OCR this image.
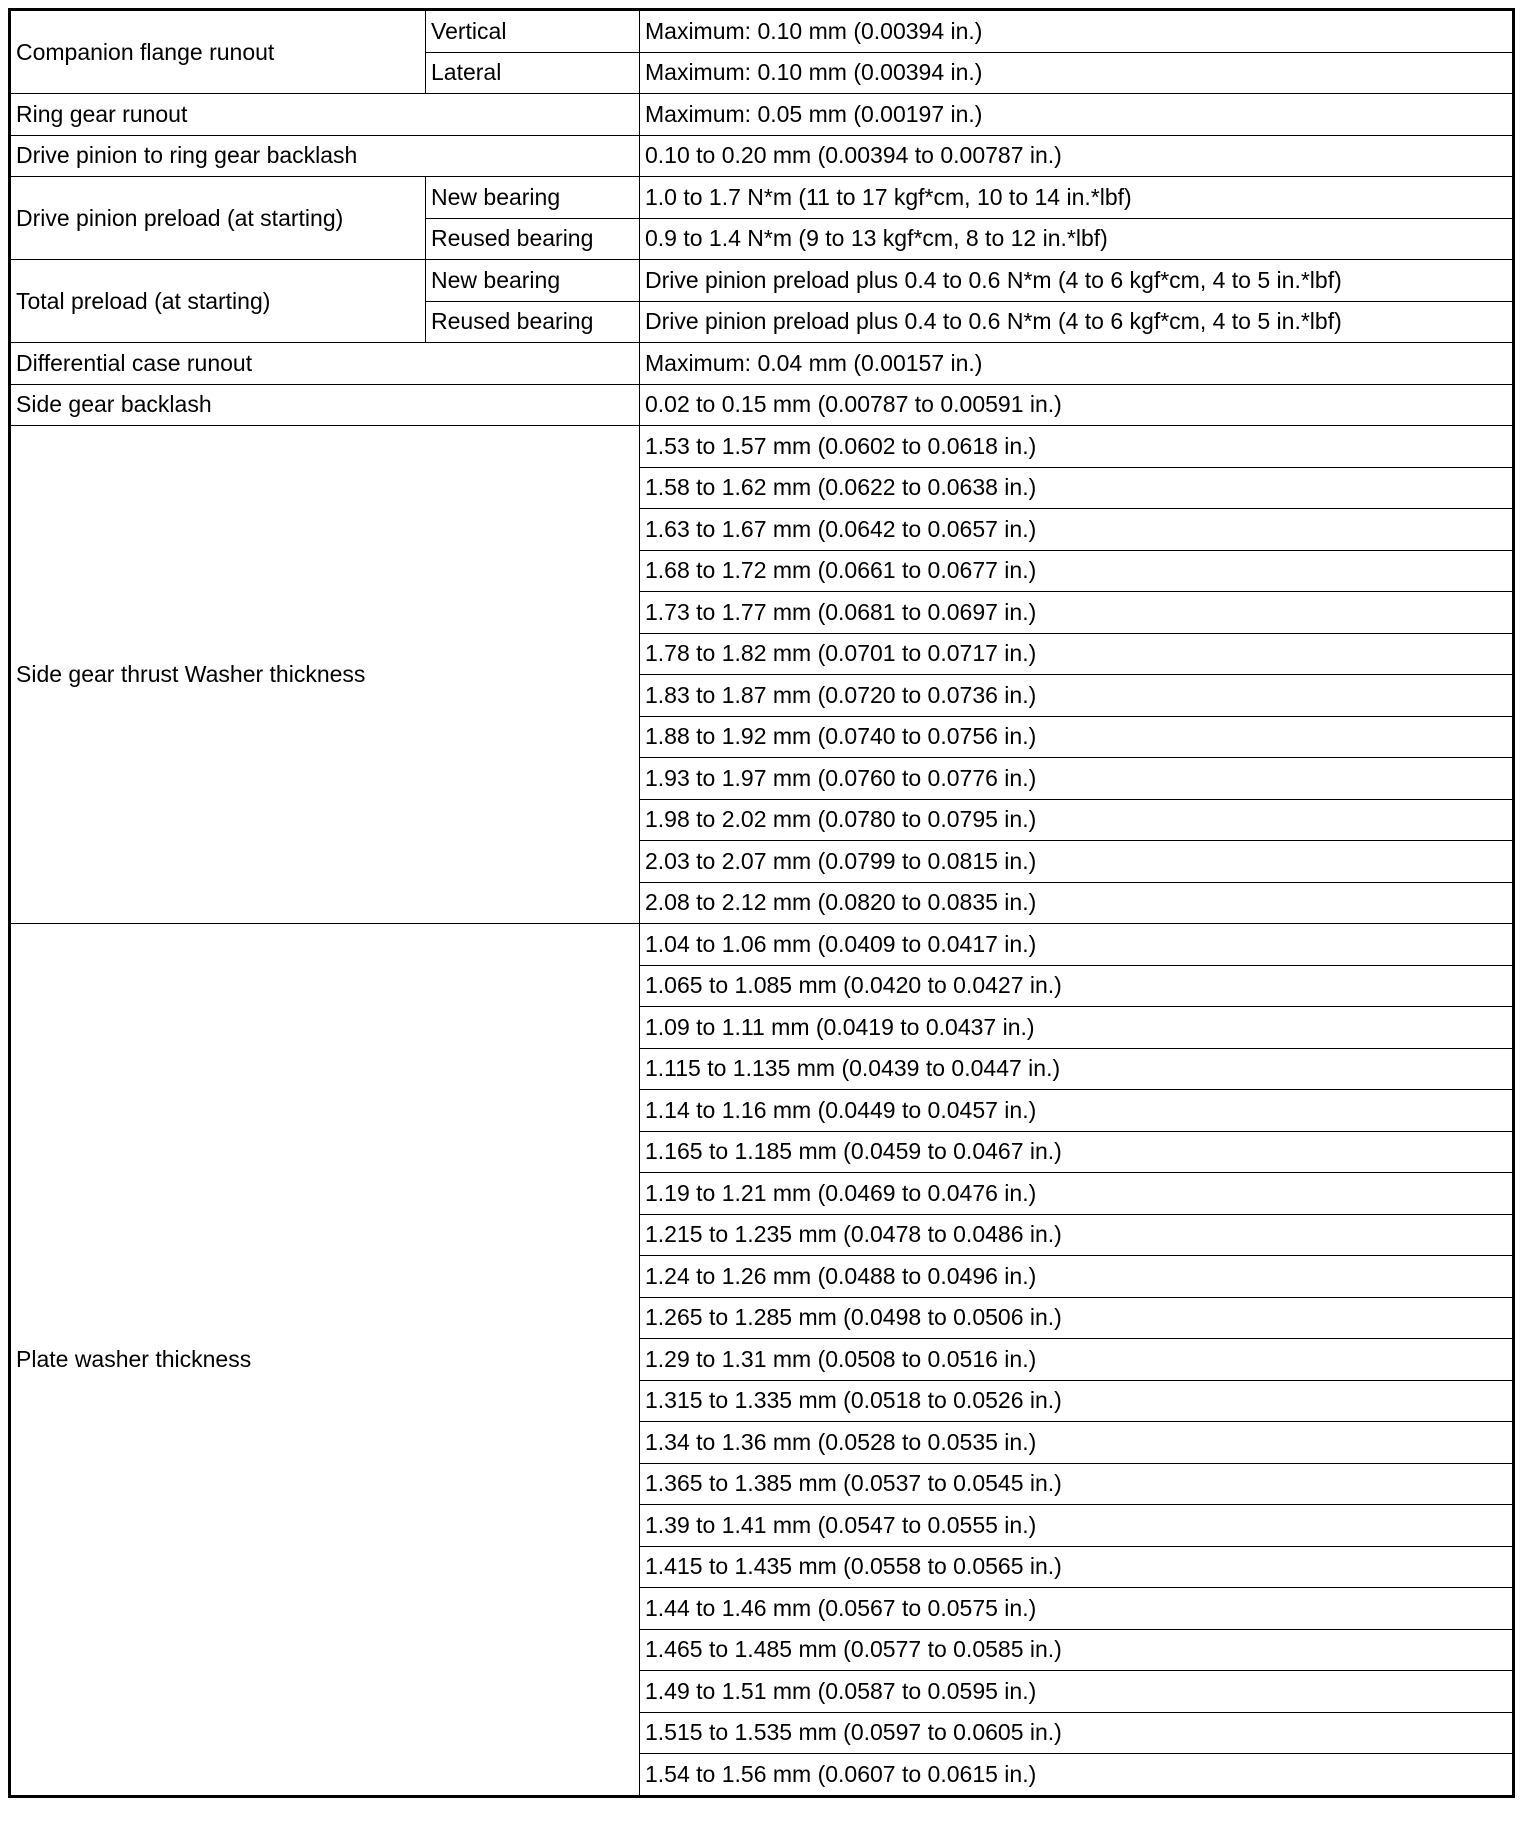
Companion flange runout	Vertical	Maximum: 0.10 mm (0.00394 in.)
	Lateral	Maximum: 0.10 mm (0.00394 in.)
Ring gear runout		Maximum: 0.05 mm (0.00197 in.)
Drive pinion to ring gear backlash		0.10 to 0.20 mm (0.00394 to 0.00787 in.)
Drive pinion preload (at starting)	New bearing	1.0 to 1.7 N*m (11 to 17 kgf*cm, 10 to 14 in.*lbf)
	Reused bearing	0.9 to 1.4 N*m (9 to 13 kgf*cm, 8 to 12 in.*lbf)
Total preload (at starting)	New bearing	Drive pinion preload plus 0.4 to 0.6 N*m (4 to 6 kgf*cm, 4 to 5 in.*lbf)
	Reused bearing	Drive pinion preload plus 0.4 to 0.6 N*m (4 to 6 kgf*cm, 4 to 5 in.*lbf)
Differential case runout		Maximum: 0.04 mm (0.00157 in.)
Side gear backlash		0.02 to 0.15 mm (0.00787 to 0.00591 in.)
Side gear thrust Washer thickness		1.53 to 1.57 mm (0.0602 to 0.0618 in.)
		1.58 to 1.62 mm (0.0622 to 0.0638 in.)
		1.63 to 1.67 mm (0.0642 to 0.0657 in.)
		1.68 to 1.72 mm (0.0661 to 0.0677 in.)
		1.73 to 1.77 mm (0.0681 to 0.0697 in.)
		1.78 to 1.82 mm (0.0701 to 0.0717 in.)
		1.83 to 1.87 mm (0.0720 to 0.0736 in.)
		1.88 to 1.92 mm (0.0740 to 0.0756 in.)
		1.93 to 1.97 mm (0.0760 to 0.0776 in.)
		1.98 to 2.02 mm (0.0780 to 0.0795 in.)
		2.03 to 2.07 mm (0.0799 to 0.0815 in.)
		2.08 to 2.12 mm (0.0820 to 0.0835 in.)
Plate washer thickness		1.04 to 1.06 mm (0.0409 to 0.0417 in.)
		1.065 to 1.085 mm (0.0420 to 0.0427 in.)
		1.09 to 1.11 mm (0.0419 to 0.0437 in.)
		1.115 to 1.135 mm (0.0439 to 0.0447 in.)
		1.14 to 1.16 mm (0.0449 to 0.0457 in.)
		1.165 to 1.185 mm (0.0459 to 0.0467 in.)
		1.19 to 1.21 mm (0.0469 to 0.0476 in.)
		1.215 to 1.235 mm (0.0478 to 0.0486 in.)
		1.24 to 1.26 mm (0.0488 to 0.0496 in.)
		1.265 to 1.285 mm (0.0498 to 0.0506 in.)
		1.29 to 1.31 mm (0.0508 to 0.0516 in.)
		1.315 to 1.335 mm (0.0518 to 0.0526 in.)
		1.34 to 1.36 mm (0.0528 to 0.0535 in.)
		1.365 to 1.385 mm (0.0537 to 0.0545 in.)
		1.39 to 1.41 mm (0.0547 to 0.0555 in.)
		1.415 to 1.435 mm (0.0558 to 0.0565 in.)
		1.44 to 1.46 mm (0.0567 to 0.0575 in.)
		1.465 to 1.485 mm (0.0577 to 0.0585 in.)
		1.49 to 1.51 mm (0.0587 to 0.0595 in.)
		1.515 to 1.535 mm (0.0597 to 0.0605 in.)
		1.54 to 1.56 mm (0.0607 to 0.0615 in.)
